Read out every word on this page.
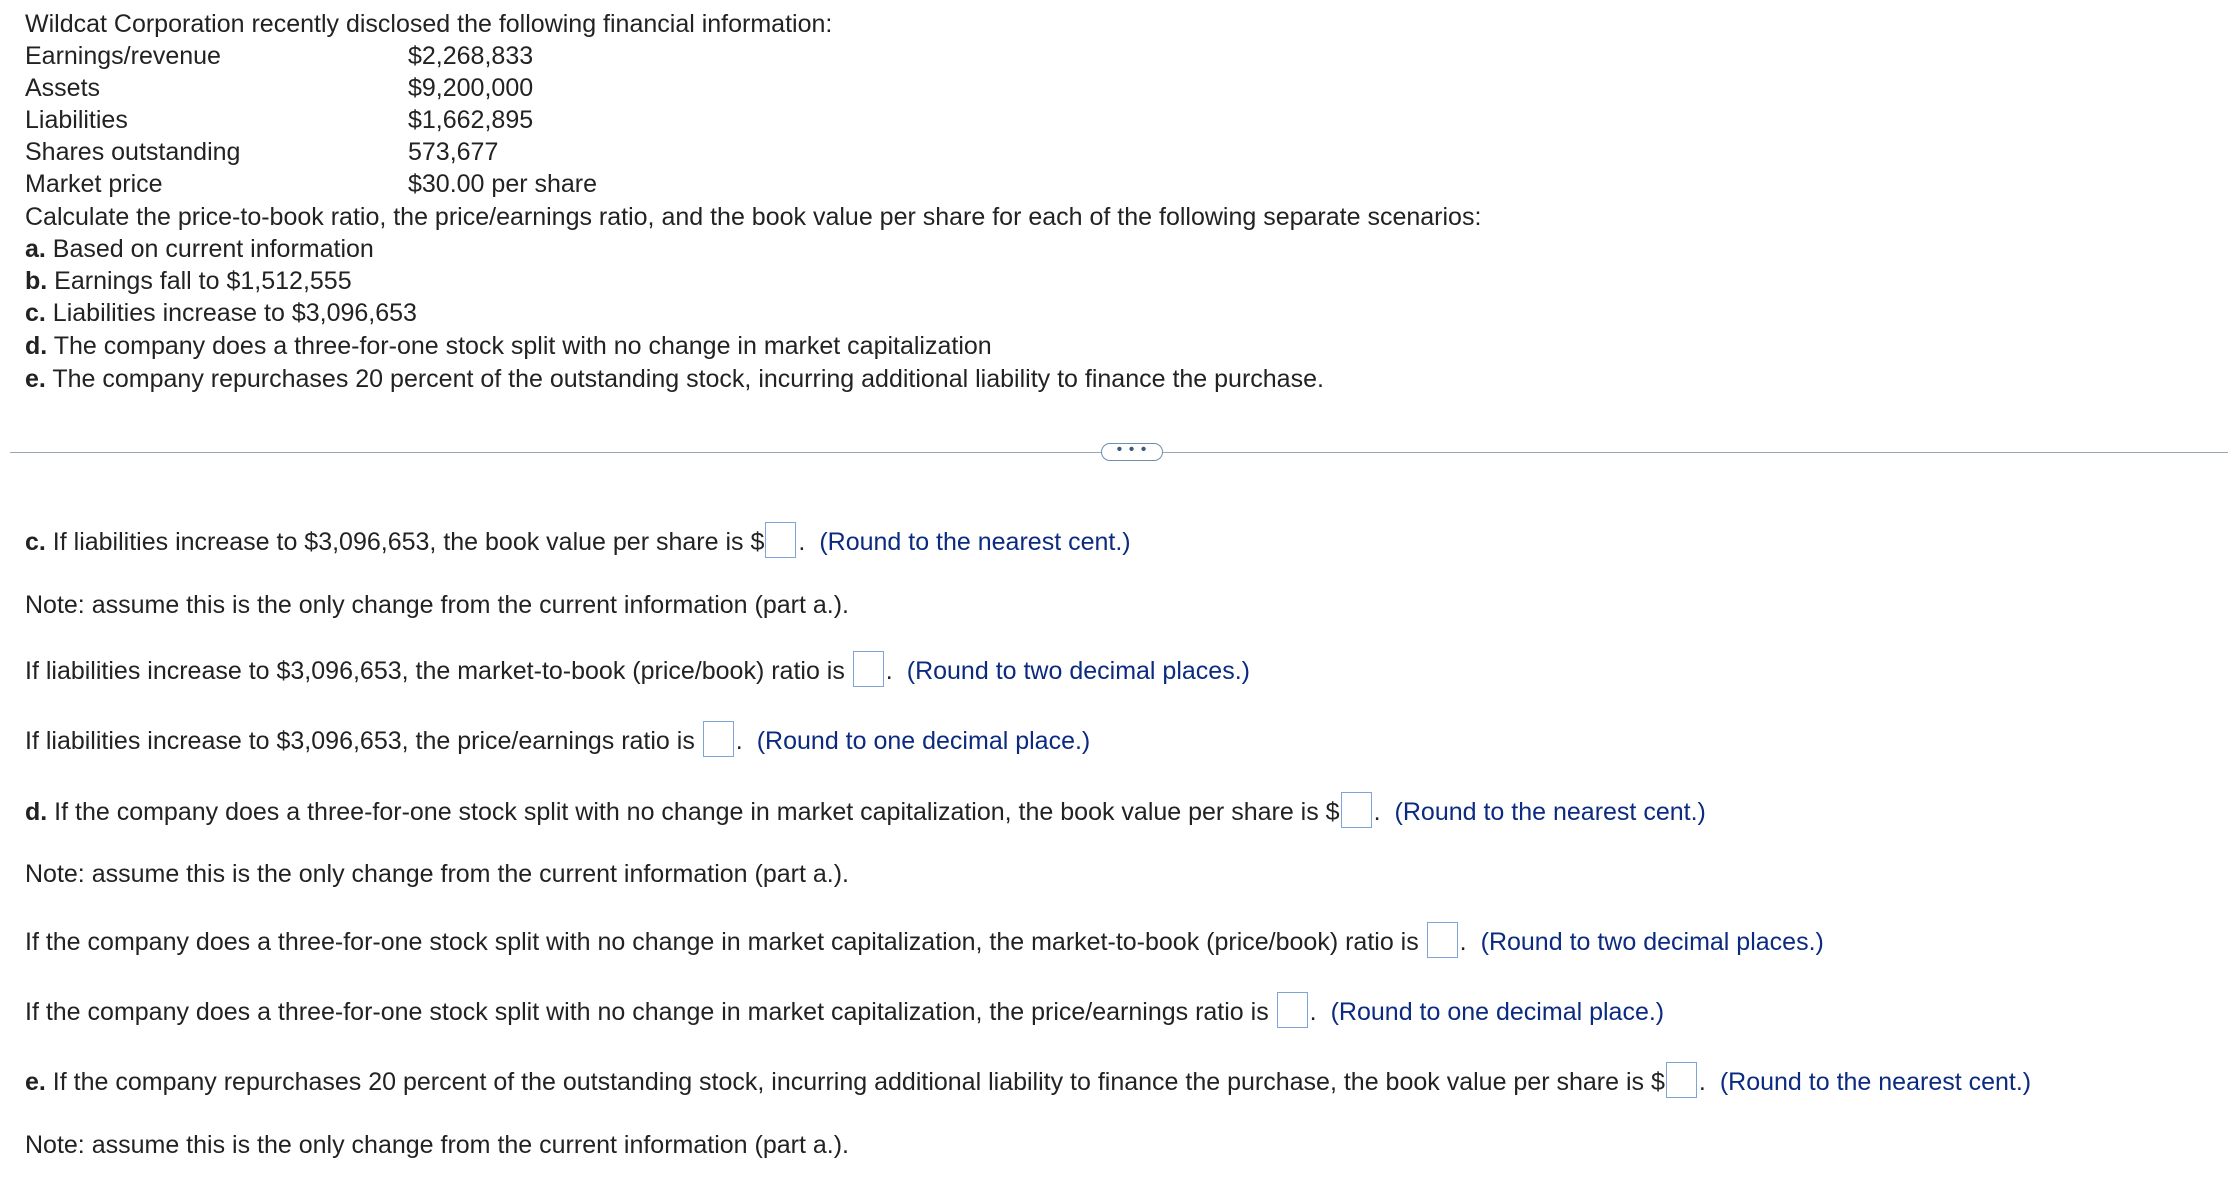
Wildcat Corporation recently disclosed the following financial information:
Earnings/revenue	$2,268,833
Assets	$9,200,000
Liabilities	$1,662,895
Shares outstanding	573,677
Market price	$30.00 per share
Calculate the price-to-book ratio, the price/earnings ratio, and the book value per share for each of the following separate scenarios:
a. Based on current information
b. Earnings fall to $1,512,555
c. Liabilities increase to $3,096,653
d. The company does a three-for-one stock split with no change in market capitalization
e. The company repurchases 20 percent of the outstanding stock, incurring additional liability to finance the purchase.
• • •
c. If liabilities increase to $3,096,653, the book value per share is $ . (Round to the nearest cent.)
Note: assume this is the only change from the current information (part a.).
If liabilities increase to $3,096,653, the market-to-book (price/book) ratio is . (Round to two decimal places.)
If liabilities increase to $3,096,653, the price/earnings ratio is . (Round to one decimal place.)
d. If the company does a three-for-one stock split with no change in market capitalization, the book value per share is $ . (Round to the nearest cent.)
Note: assume this is the only change from the current information (part a.).
If the company does a three-for-one stock split with no change in market capitalization, the market-to-book (price/book) ratio is . (Round to two decimal places.)
If the company does a three-for-one stock split with no change in market capitalization, the price/earnings ratio is . (Round to one decimal place.)
e. If the company repurchases 20 percent of the outstanding stock, incurring additional liability to finance the purchase, the book value per share is $ . (Round to the nearest cent.)
Note: assume this is the only change from the current information (part a.).
